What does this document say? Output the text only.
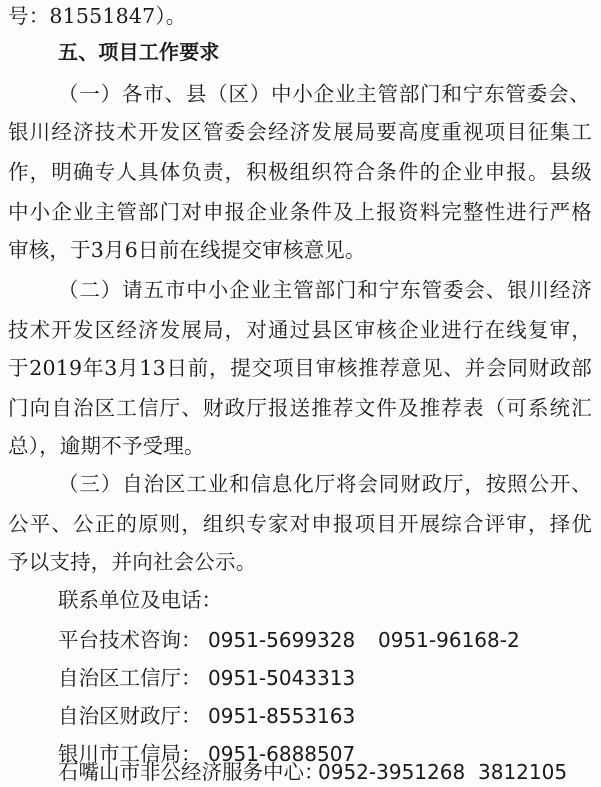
号：81551847）。
五、项目工作要求
（一）各市、县（区）中小企业主管部门和宁东管委会、
银川经济技术开发区管委会经济发展局要高度重视项目征集工
作，明确专人具体负责，积极组织符合条件的企业申报。县级
中小企业主管部门对申报企业条件及上报资料完整性进行严格
审核，于3月6日前在线提交审核意见。
（二）请五市中小企业主管部门和宁东管委会、银川经济
技术开发区经济发展局，对通过县区审核企业进行在线复审，
于2019年3月13日前，提交项目审核推荐意见、并会同财政部
门向自治区工信厅、财政厅报送推荐文件及推荐表（可系统汇
总），逾期不予受理。
（三）自治区工业和信息化厅将会同财政厅，按照公开、
公平、公正的原则，组织专家对申报项目开展综合评审，择优
予以支持，并向社会公示。
联系单位及电话：
平台技术咨询： 0951-5699328 0951-96168-2
自治区工信厅： 0951-5043313
自治区财政厅： 0951-8553163
银川市工信局： 0951-6888507
石嘴山市非公经济服务中心：
0952-3951268 3812105
